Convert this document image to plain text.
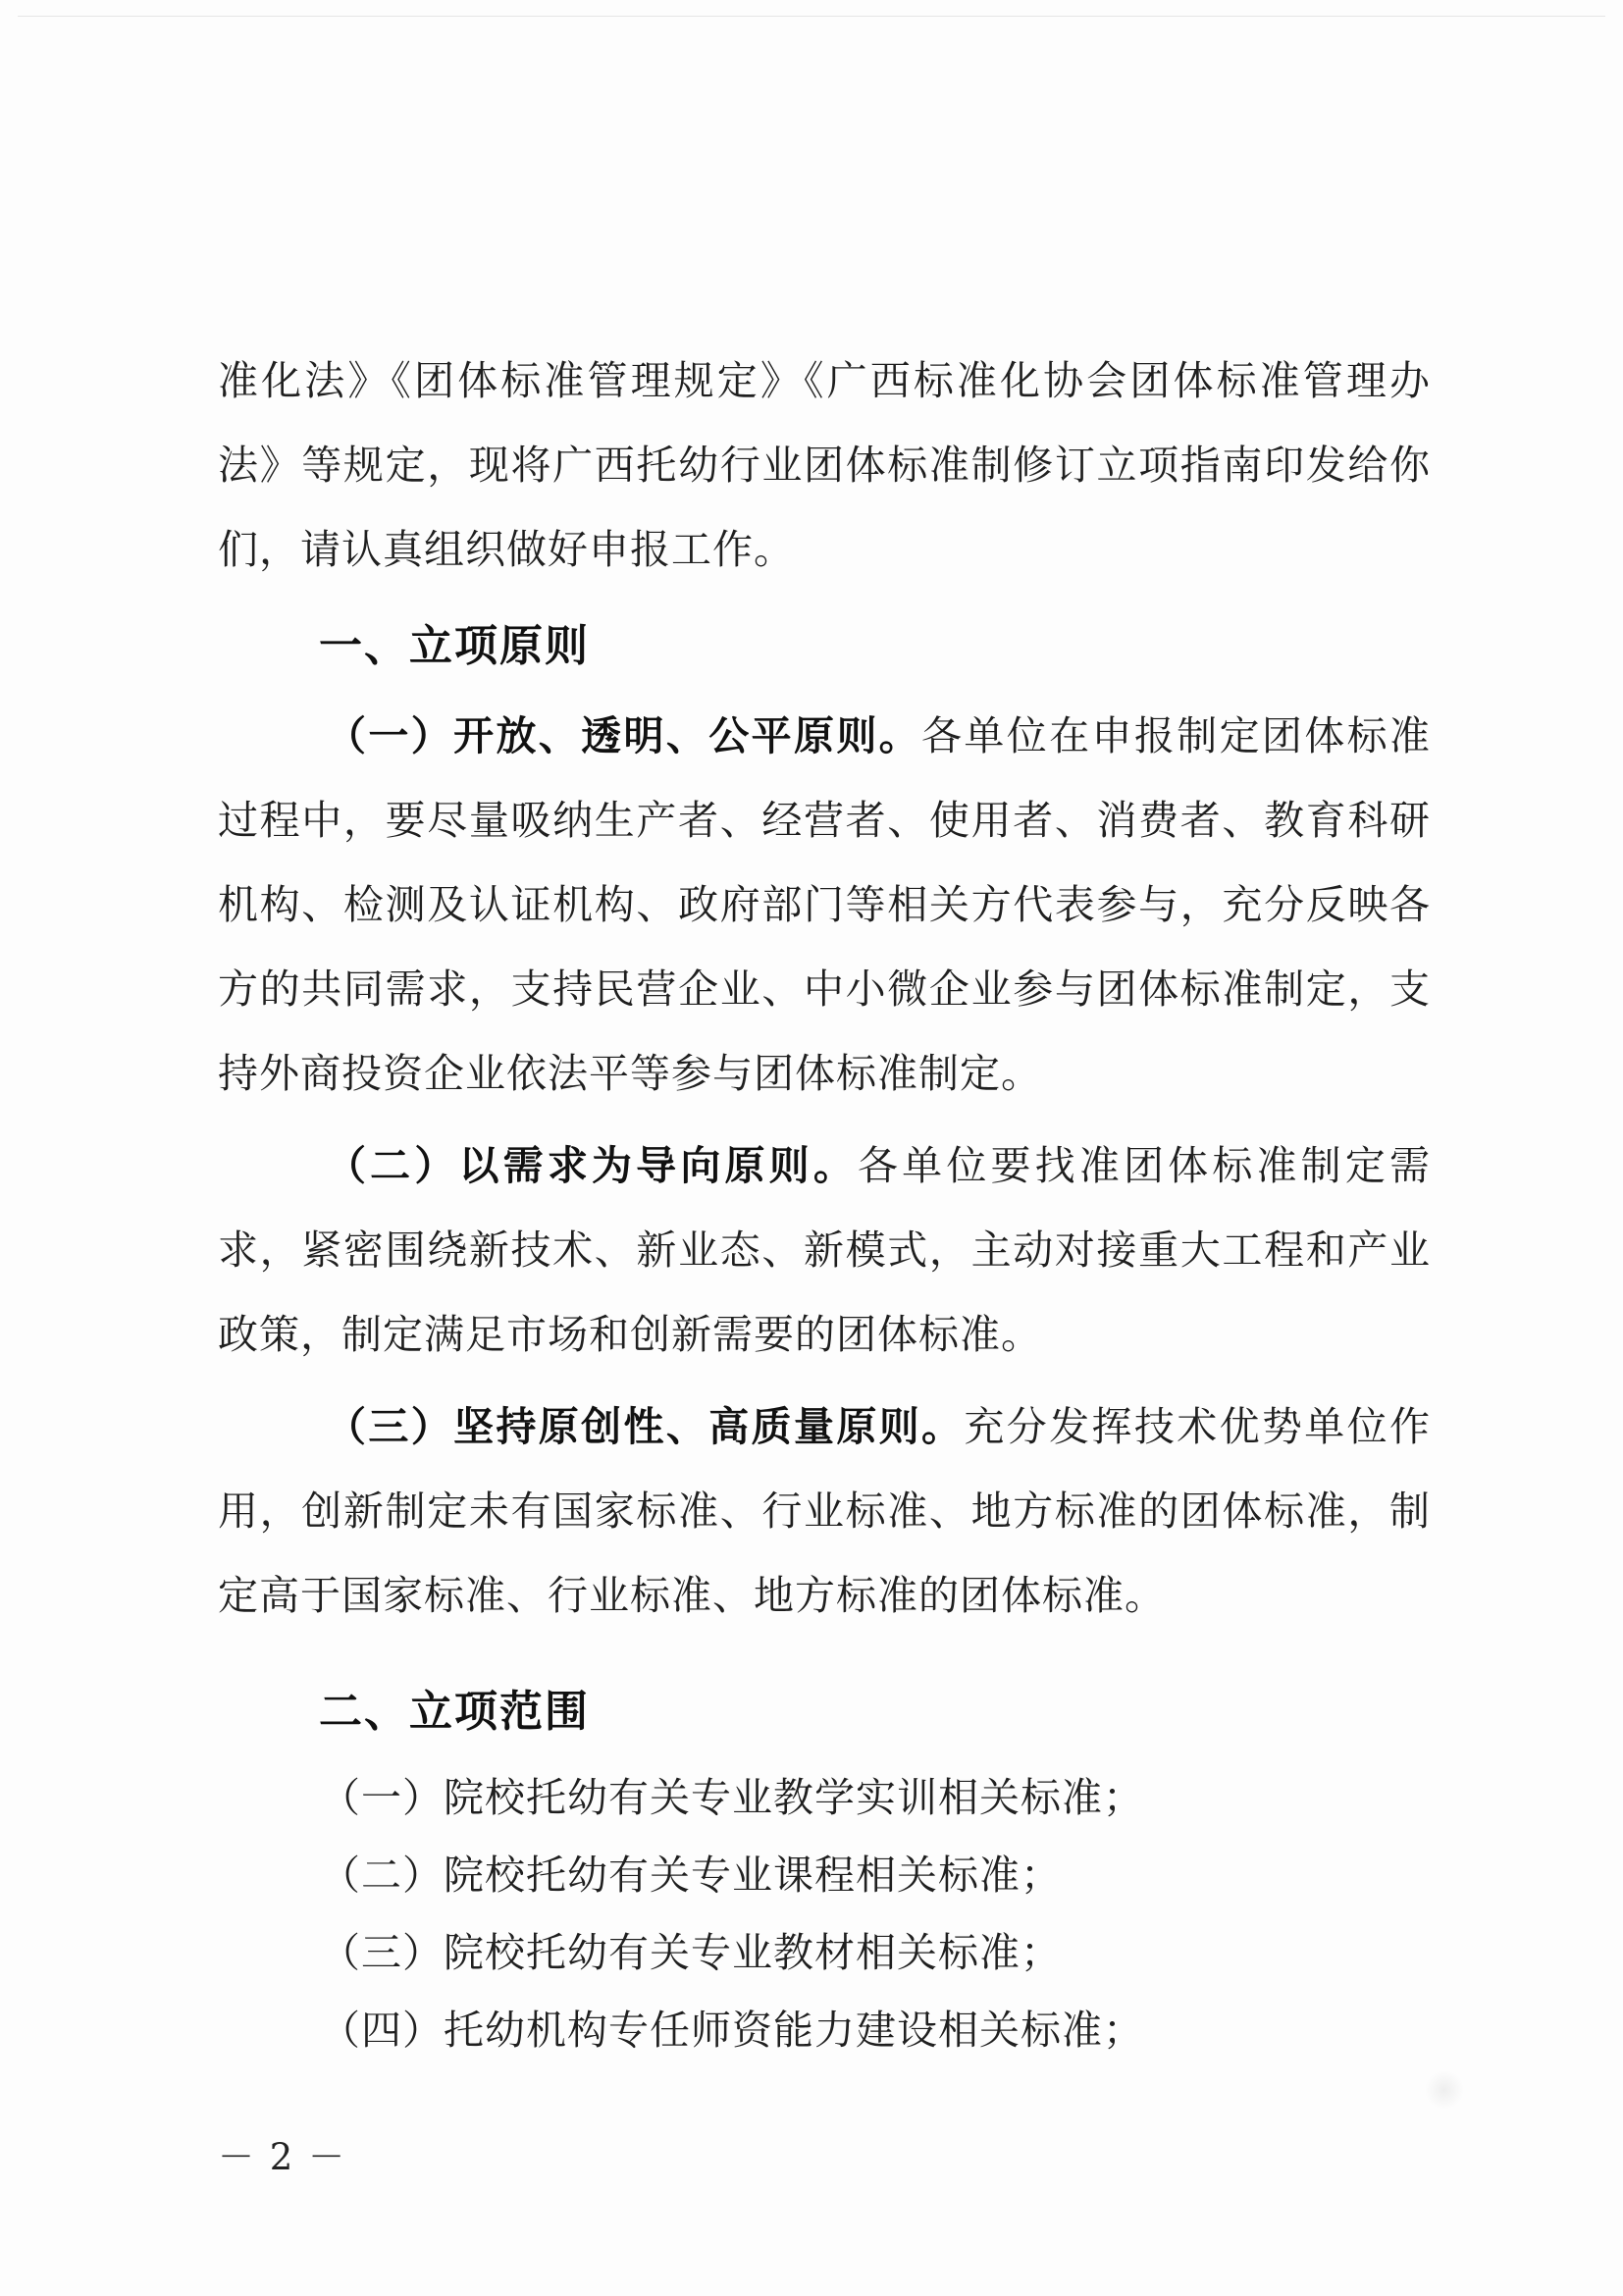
准化法》《团体标准管理规定》《广西标准化协会团体标准管理办法》等规定，现将广西托幼行业团体标准制修订立项指南印发给你们，请认真组织做好申报工作。

一、立项原则

（一）开放、透明、公平原则。各单位在申报制定团体标准过程中，要尽量吸纳生产者、经营者、使用者、消费者、教育科研机构、检测及认证机构、政府部门等相关方代表参与，充分反映各方的共同需求，支持民营企业、中小微企业参与团体标准制定，支持外商投资企业依法平等参与团体标准制定。

（二）以需求为导向原则。各单位要找准团体标准制定需求，紧密围绕新技术、新业态、新模式，主动对接重大工程和产业政策，制定满足市场和创新需要的团体标准。

（三）坚持原创性、高质量原则。充分发挥技术优势单位作用，创新制定未有国家标准、行业标准、地方标准的团体标准，制定高于国家标准、行业标准、地方标准的团体标准。

二、立项范围

（一）院校托幼有关专业教学实训相关标准；

（二）院校托幼有关专业课程相关标准；

（三）院校托幼有关专业教材相关标准；

（四）托幼机构专任师资能力建设相关标准；

－ 2 －
